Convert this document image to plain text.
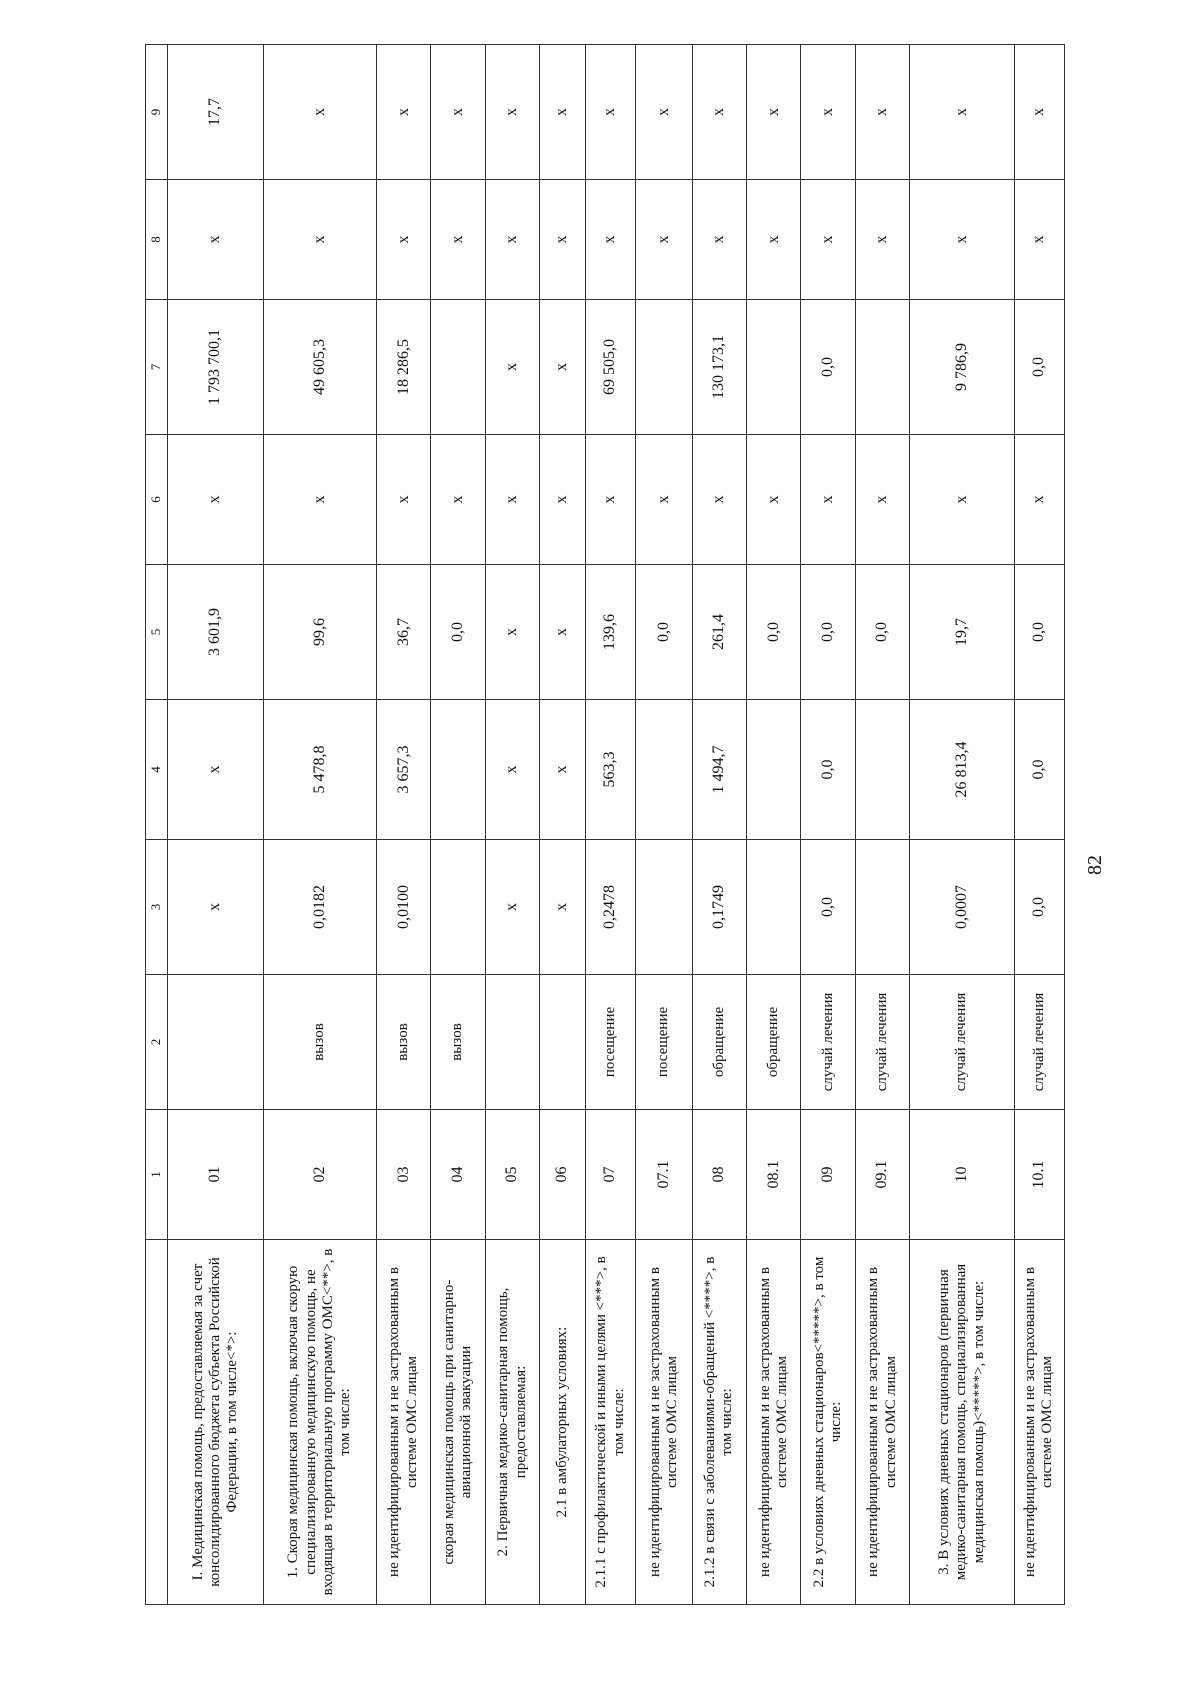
	1	2	3	4	5	6	7	8	9
I. Медицинская помощь, предоставляемая за счет консолидированного бюджета субъекта Российской Федерации, в том числе<*>:	01		x	x	3 601,9	x	1 793 700,1	x	17,7
1. Скорая медицинская помощь, включая скорую специализированную медицинскую помощь, не входящая в территориальную программу ОМС<**>, в том числе:	02	вызов	0,0182	5 478,8	99,6	x	49 605,3	x	x
не идентифицированным и не застрахованным в системе ОМС лицам	03	вызов	0,0100	3 657,3	36,7	x	18 286,5	x	x
скорая медицинская помощь при санитарно-авиационной эвакуации	04	вызов			0,0	x		x	x
2. Первичная медико-санитарная помощь, предоставляемая:	05		x	x	x	x	x	x	x
2.1 в амбулаторных условиях:	06		x	x	x	x	x	x	x
2.1.1 с профилактической и иными целями <***>, в том числе:	07	посещение	0,2478	563,3	139,6	x	69 505,0	x	x
не идентифицированным и не застрахованным в системе ОМС лицам	07.1	посещение			0,0	x		x	x
2.1.2 в связи с заболеваниями-обращений <****>, в том числе:	08	обращение	0,1749	1 494,7	261,4	x	130 173,1	x	x
не идентифицированным и не застрахованным в системе ОМС лицам	08.1	обращение			0,0	x		x	x
2.2 в условиях дневных стационаров<*****>, в том числе:	09	случай лечения	0,0	0,0	0,0	x	0,0	x	x
не идентифицированным и не застрахованным в системе ОМС лицам	09.1	случай лечения			0,0	x		x	x
3. В условиях дневных стационаров (первичная медико-санитарная помощь, специализированная медицинская помощь)<*****>, в том числе:	10	случай лечения	0,0007	26 813,4	19,7	x	9 786,9	x	x
не идентифицированным и не застрахованным в системе ОМС лицам	10.1	случай лечения	0,0	0,0	0,0	x	0,0	x	x
82
